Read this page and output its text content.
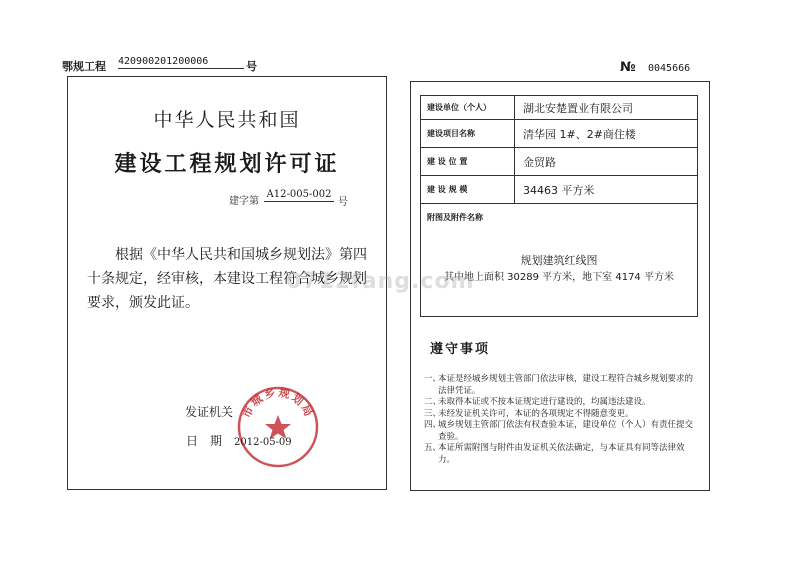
鄂规工程 420900201200006	号	№ 0045666
中华人民共和国
建设工程规划许可证
建字第
A12-005-002
号
根据《中华人民共和国城乡规划法》第四十条规定，经审核，本建设工程符合城乡规划要求，颁发此证。
发证机关
日期
市城乡规划局
2012-05-09
建设单位（个人）	湖北安楚置业有限公司
建设项目名称	清华园 1#、2#商住楼
建 设 位 置	金贸路
建 设 规 模	34463 平方米
附图及附件名称
规划建筑红线图
其中地上面积 30289 平方米，地下室 4174 平方米
遵守事项
一、
本证是经城乡规划主管部门依法审核，建设工程符合城乡规划要求的法律凭证。
二、
未取得本证或不按本证规定进行建设的，均属违法建设。
三、
未经发证机关许可，本证的各项规定不得随意变更。
四、
城乡规划主管部门依法有权查验本证，建设单位（个人）有责任提交查验。
五、
本证所需附图与附件由发证机关依法确定，与本证具有同等法律效力。
0712fang.com
